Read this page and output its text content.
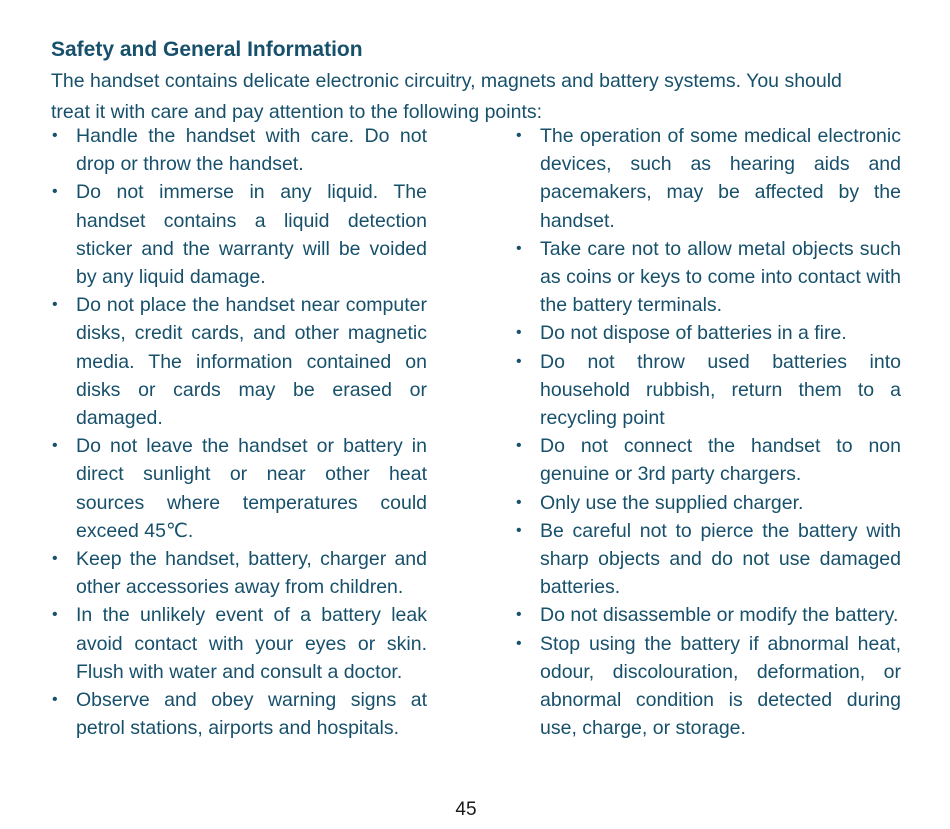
Safety and General Information

The handset contains delicate electronic circuitry, magnets and battery systems. You should treat it with care and pay attention to the following points:

• Handle the handset with care. Do not drop or throw the handset.
• Do not immerse in any liquid. The handset contains a liquid detection sticker and the warranty will be voided by any liquid damage.
• Do not place the handset near computer disks, credit cards, and other magnetic media. The information contained on disks or cards may be erased or damaged.
• Do not leave the handset or battery in direct sunlight or near other heat sources where temperatures could exceed 45℃.
• Keep the handset, battery, charger and other accessories away from children.
• In the unlikely event of a battery leak avoid contact with your eyes or skin. Flush with water and consult a doctor.
• Observe and obey warning signs at petrol stations, airports and hospitals.
• The operation of some medical electronic devices, such as hearing aids and pacemakers, may be affected by the handset.
• Take care not to allow metal objects such as coins or keys to come into contact with the battery terminals.
• Do not dispose of batteries in a fire.
• Do not throw used batteries into household rubbish, return them to a recycling point
• Do not connect the handset to non genuine or 3rd party chargers.
• Only use the supplied charger.
• Be careful not to pierce the battery with sharp objects and do not use damaged batteries.
• Do not disassemble or modify the battery.
• Stop using the battery if abnormal heat, odour, discolouration, deformation, or abnormal condition is detected during use, charge, or storage.
45
